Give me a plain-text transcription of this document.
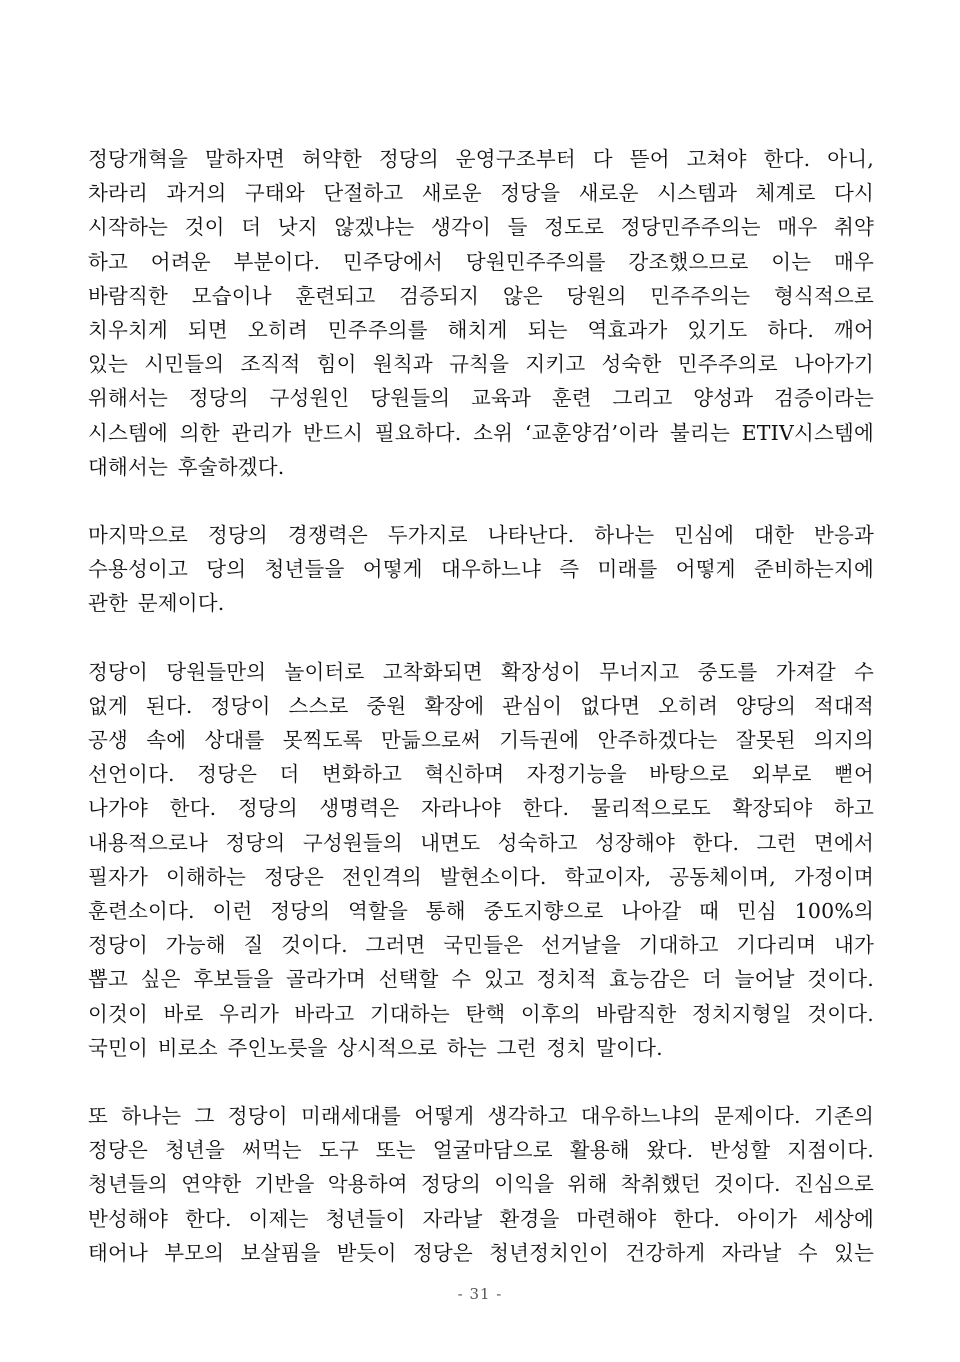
정당개혁을 말하자면 허약한 정당의 운영구조부터 다 뜯어 고쳐야 한다. 아니,
차라리 과거의 구태와 단절하고 새로운 정당을 새로운 시스템과 체계로 다시
시작하는 것이 더 낫지 않겠냐는 생각이 들 정도로 정당민주주의는 매우 취약
하고 어려운 부분이다. 민주당에서 당원민주주의를 강조했으므로 이는 매우
바람직한 모습이나 훈련되고 검증되지 않은 당원의 민주주의는 형식적으로
치우치게 되면 오히려 민주주의를 해치게 되는 역효과가 있기도 하다. 깨어
있는 시민들의 조직적 힘이 원칙과 규칙을 지키고 성숙한 민주주의로 나아가기
위해서는 정당의 구성원인 당원들의 교육과 훈련 그리고 양성과 검증이라는
시스템에 의한 관리가 반드시 필요하다. 소위 ‘교훈양검’이라 불리는 ETIV시스템에
대해서는 후술하겠다.
마지막으로 정당의 경쟁력은 두가지로 나타난다. 하나는 민심에 대한 반응과
수용성이고 당의 청년들을 어떻게 대우하느냐 즉 미래를 어떻게 준비하는지에
관한 문제이다.
정당이 당원들만의 놀이터로 고착화되면 확장성이 무너지고 중도를 가져갈 수
없게 된다. 정당이 스스로 중원 확장에 관심이 없다면 오히려 양당의 적대적
공생 속에 상대를 못찍도록 만듦으로써 기득권에 안주하겠다는 잘못된 의지의
선언이다. 정당은 더 변화하고 혁신하며 자정기능을 바탕으로 외부로 뻗어
나가야 한다. 정당의 생명력은 자라나야 한다. 물리적으로도 확장되야 하고
내용적으로나 정당의 구성원들의 내면도 성숙하고 성장해야 한다. 그런 면에서
필자가 이해하는 정당은 전인격의 발현소이다. 학교이자, 공동체이며, 가정이며
훈련소이다. 이런 정당의 역할을 통해 중도지향으로 나아갈 때 민심 100%의
정당이 가능해 질 것이다. 그러면 국민들은 선거날을 기대하고 기다리며 내가
뽑고 싶은 후보들을 골라가며 선택할 수 있고 정치적 효능감은 더 늘어날 것이다.
이것이 바로 우리가 바라고 기대하는 탄핵 이후의 바람직한 정치지형일 것이다.
국민이 비로소 주인노릇을 상시적으로 하는 그런 정치 말이다.
또 하나는 그 정당이 미래세대를 어떻게 생각하고 대우하느냐의 문제이다. 기존의
정당은 청년을 써먹는 도구 또는 얼굴마담으로 활용해 왔다. 반성할 지점이다.
청년들의 연약한 기반을 악용하여 정당의 이익을 위해 착취했던 것이다. 진심으로
반성해야 한다. 이제는 청년들이 자라날 환경을 마련해야 한다. 아이가 세상에
태어나 부모의 보살핌을 받듯이 정당은 청년정치인이 건강하게 자라날 수 있는
- 31 -
